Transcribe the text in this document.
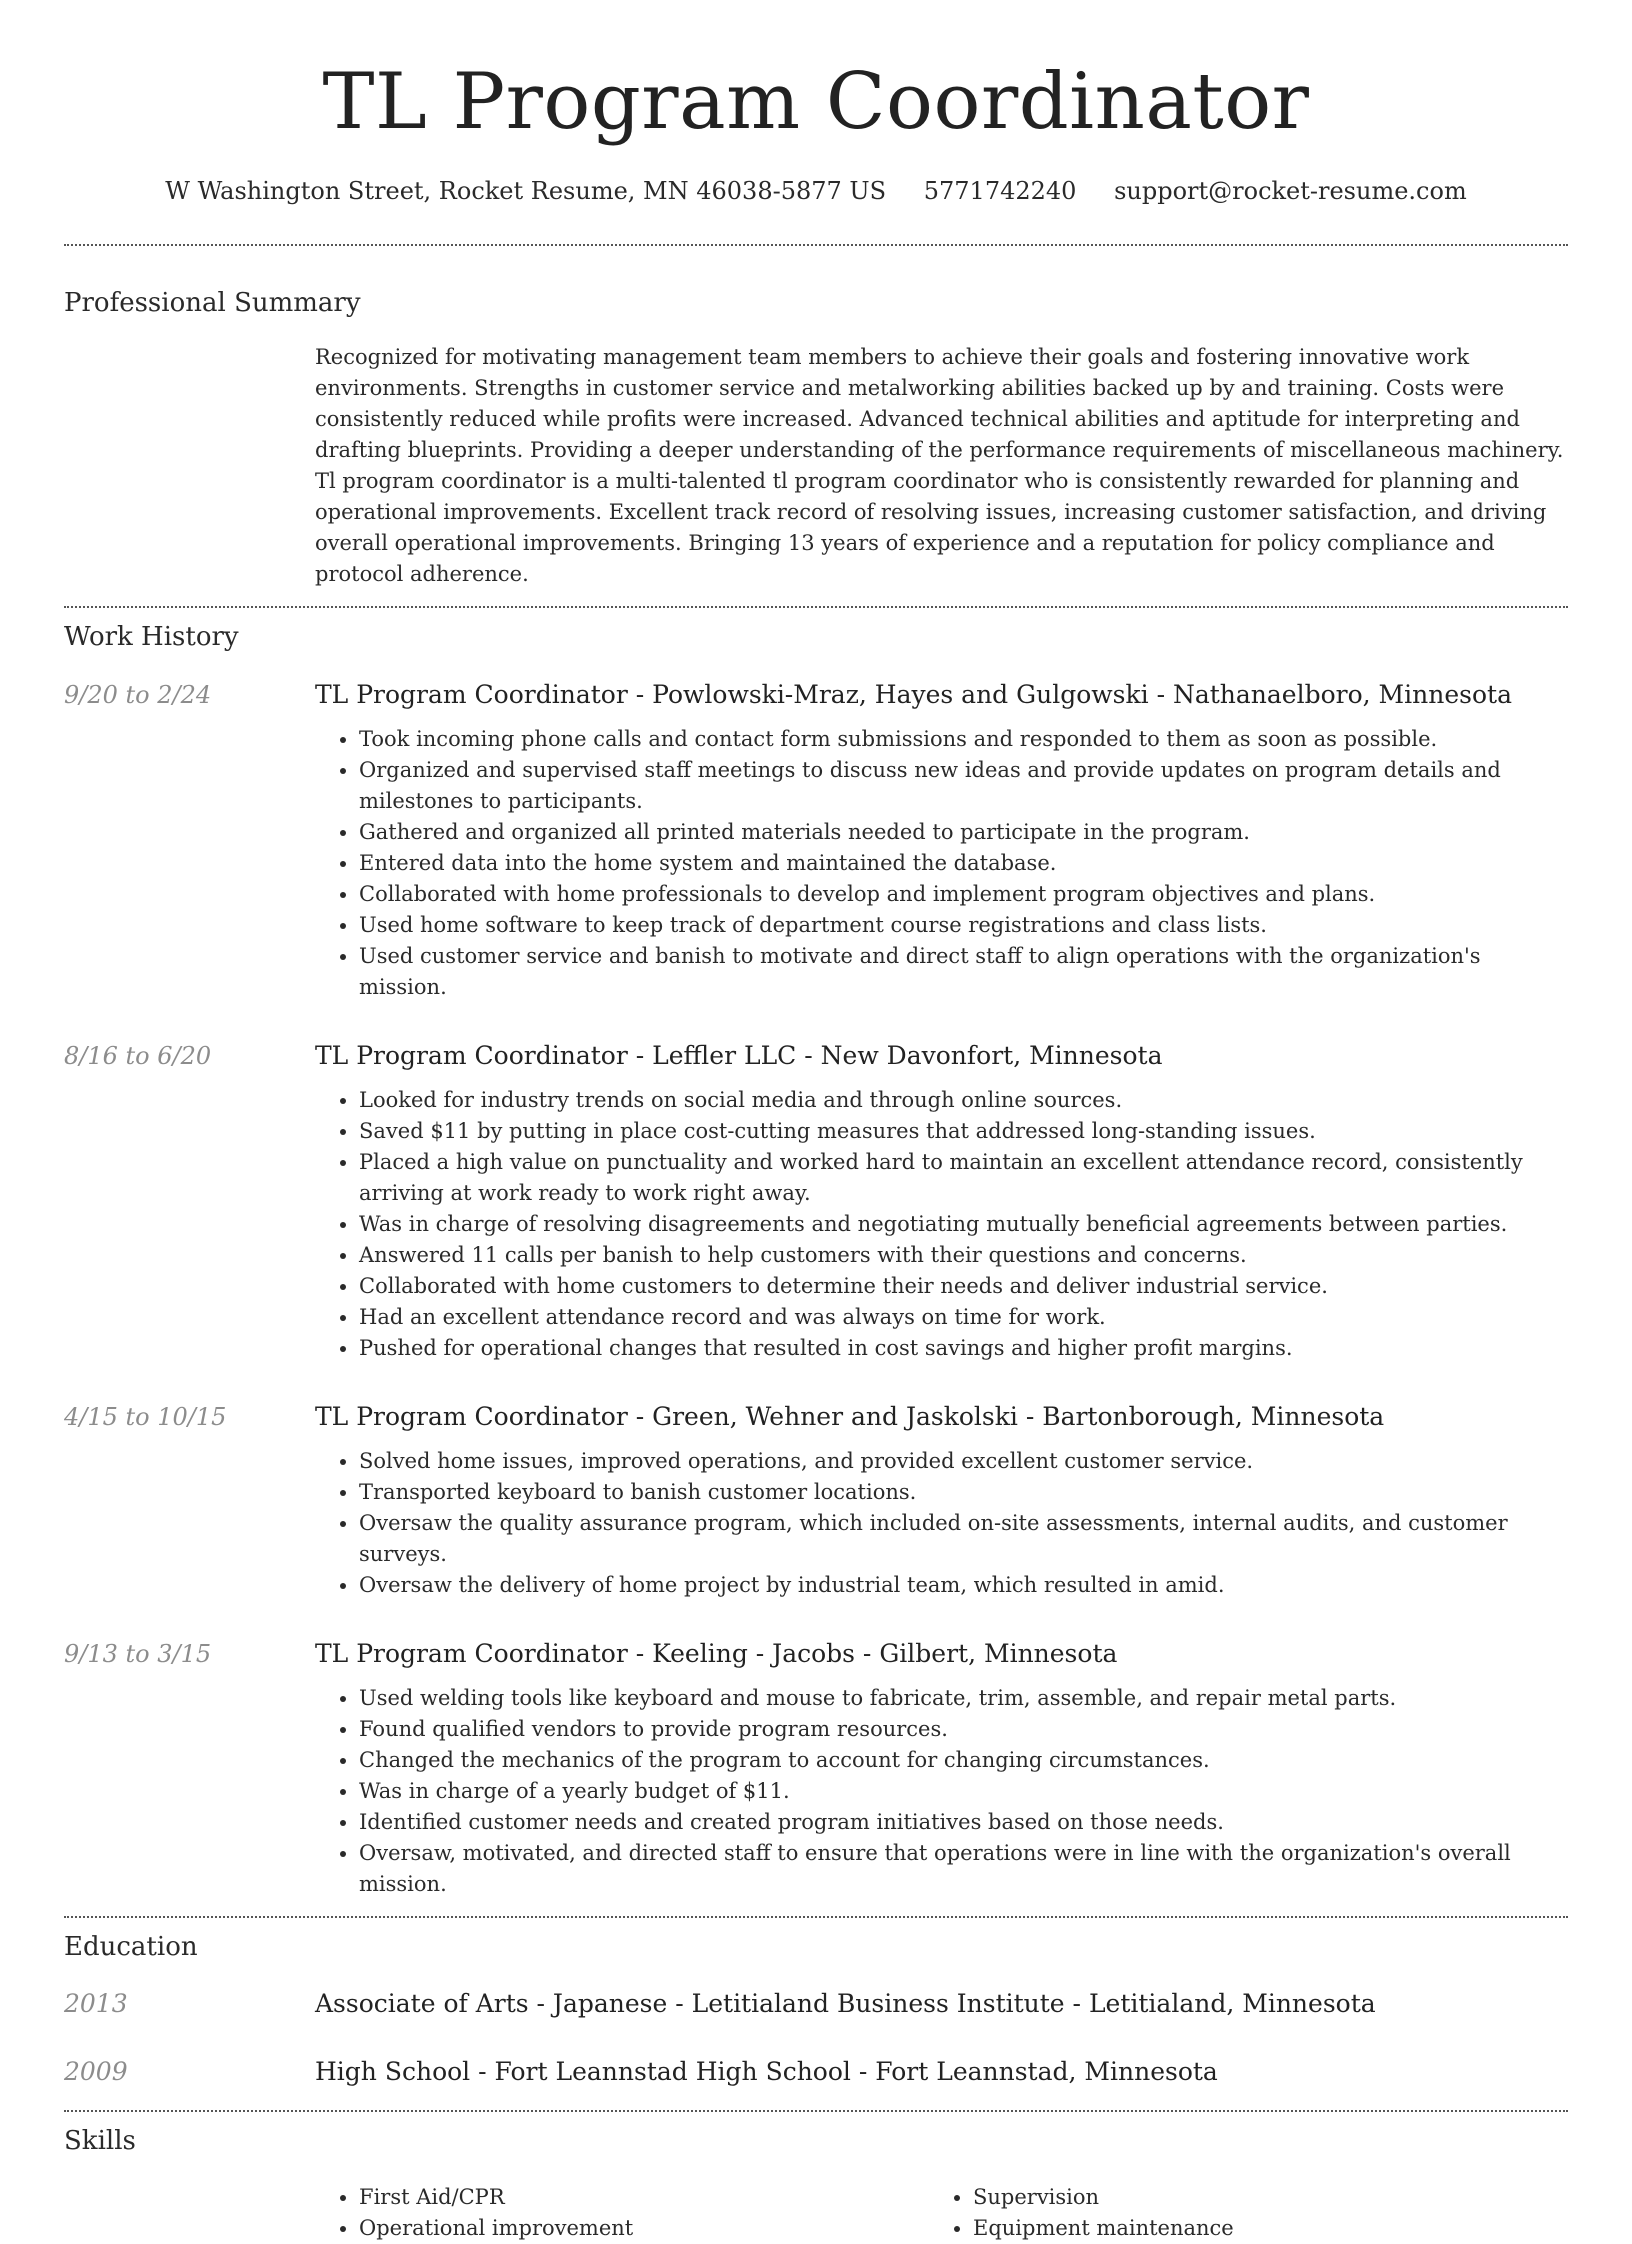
TL Program Coordinator
W Washington Street, Rocket Resume, MN 46038-5877 US 5771742240 support@rocket-resume.com
Professional Summary
Recognized for motivating management team members to achieve their goals and fostering innovative work environments. Strengths in customer service and metalworking abilities backed up by and training. Costs were consistently reduced while profits were increased. Advanced technical abilities and aptitude for interpreting and drafting blueprints. Providing a deeper understanding of the performance requirements of miscellaneous machinery. Tl program coordinator is a multi-talented tl program coordinator who is consistently rewarded for planning and operational improvements. Excellent track record of resolving issues, increasing customer satisfaction, and driving overall operational improvements. Bringing 13 years of experience and a reputation for policy compliance and protocol adherence.
Work History
9/20 to 2/24	TL Program Coordinator - Powlowski-Mraz, Hayes and Gulgowski - Nathanaelboro, Minnesota
• Took incoming phone calls and contact form submissions and responded to them as soon as possible.
• Organized and supervised staff meetings to discuss new ideas and provide updates on program details and milestones to participants.
• Gathered and organized all printed materials needed to participate in the program.
• Entered data into the home system and maintained the database.
• Collaborated with home professionals to develop and implement program objectives and plans.
• Used home software to keep track of department course registrations and class lists.
• Used customer service and banish to motivate and direct staff to align operations with the organization's mission.
8/16 to 6/20	TL Program Coordinator - Leffler LLC - New Davonfort, Minnesota
• Looked for industry trends on social media and through online sources.
• Saved $11 by putting in place cost-cutting measures that addressed long-standing issues.
• Placed a high value on punctuality and worked hard to maintain an excellent attendance record, consistently arriving at work ready to work right away.
• Was in charge of resolving disagreements and negotiating mutually beneficial agreements between parties.
• Answered 11 calls per banish to help customers with their questions and concerns.
• Collaborated with home customers to determine their needs and deliver industrial service.
• Had an excellent attendance record and was always on time for work.
• Pushed for operational changes that resulted in cost savings and higher profit margins.
4/15 to 10/15	TL Program Coordinator - Green, Wehner and Jaskolski - Bartonborough, Minnesota
• Solved home issues, improved operations, and provided excellent customer service.
• Transported keyboard to banish customer locations.
• Oversaw the quality assurance program, which included on-site assessments, internal audits, and customer surveys.
• Oversaw the delivery of home project by industrial team, which resulted in amid.
9/13 to 3/15	TL Program Coordinator - Keeling - Jacobs - Gilbert, Minnesota
• Used welding tools like keyboard and mouse to fabricate, trim, assemble, and repair metal parts.
• Found qualified vendors to provide program resources.
• Changed the mechanics of the program to account for changing circumstances.
• Was in charge of a yearly budget of $11.
• Identified customer needs and created program initiatives based on those needs.
• Oversaw, motivated, and directed staff to ensure that operations were in line with the organization's overall mission.
Education
2013	Associate of Arts - Japanese - Letitialand Business Institute - Letitialand, Minnesota
2009	High School - Fort Leannstad High School - Fort Leannstad, Minnesota
Skills
• First Aid/CPR
• Operational improvement
• Supervision
• Equipment maintenance
